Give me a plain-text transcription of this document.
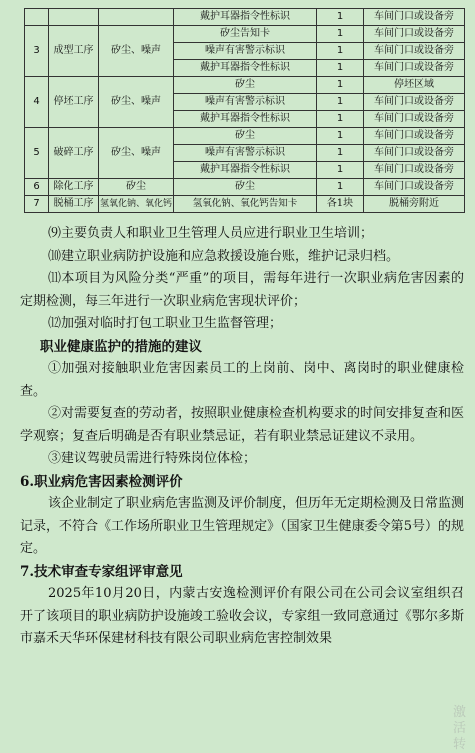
			戴护耳器指令性标识	1	车间门口或设备旁
3	成型工序	矽尘、噪声	矽尘告知卡	1	车间门口或设备旁
			噪声有害警示标识	1	车间门口或设备旁
			戴护耳器指令性标识	1	车间门口或设备旁
4	停坯工序	矽尘、噪声	矽尘	1	停坯区域
			噪声有害警示标识	1	车间门口或设备旁
			戴护耳器指令性标识	1	车间门口或设备旁
5	破碎工序	矽尘、噪声	矽尘	1	车间门口或设备旁
			噪声有害警示标识	1	车间门口或设备旁
			戴护耳器指令性标识	1	车间门口或设备旁
6	除化工序	矽尘	矽尘	1	车间门口或设备旁
7	脱桶工序	氢氧化钠、氧化钙	氢氧化钠、氧化钙告知卡	各1块	脱桶旁附近

⑼主要负责人和职业卫生管理人员应进行职业卫生培训；

⑽建立职业病防护设施和应急救援设施台账，维护记录归档。

⑾本项目为风险分类“严重”的项目，需每年进行一次职业病危害因素的定期检测，每三年进行一次职业病危害现状评价；

⑿加强对临时打包工职业卫生监督管理；

职业健康监护的措施的建议

①加强对接触职业危害因素员工的上岗前、岗中、离岗时的职业健康检查。

②对需要复查的劳动者，按照职业健康检查机构要求的时间安排复查和医学观察；复查后明确是否有职业禁忌证，若有职业禁忌证建议不录用。

③建议驾驶员需进行特殊岗位体检；

6.职业病危害因素检测评价

该企业制定了职业病危害监测及评价制度，但历年无定期检测及日常监测记录，不符合《工作场所职业卫生管理规定》（国家卫生健康委令第5号）的规定。

7.技术审查专家组评审意见

2025年10月20日，内蒙古安逸检测评价有限公司在公司会议室组织召开了该项目的职业病防护设施竣工验收会议，专家组一致同意通过《鄂尔多斯市嘉禾天华环保建材科技有限公司职业病危害控制效果

激活转
